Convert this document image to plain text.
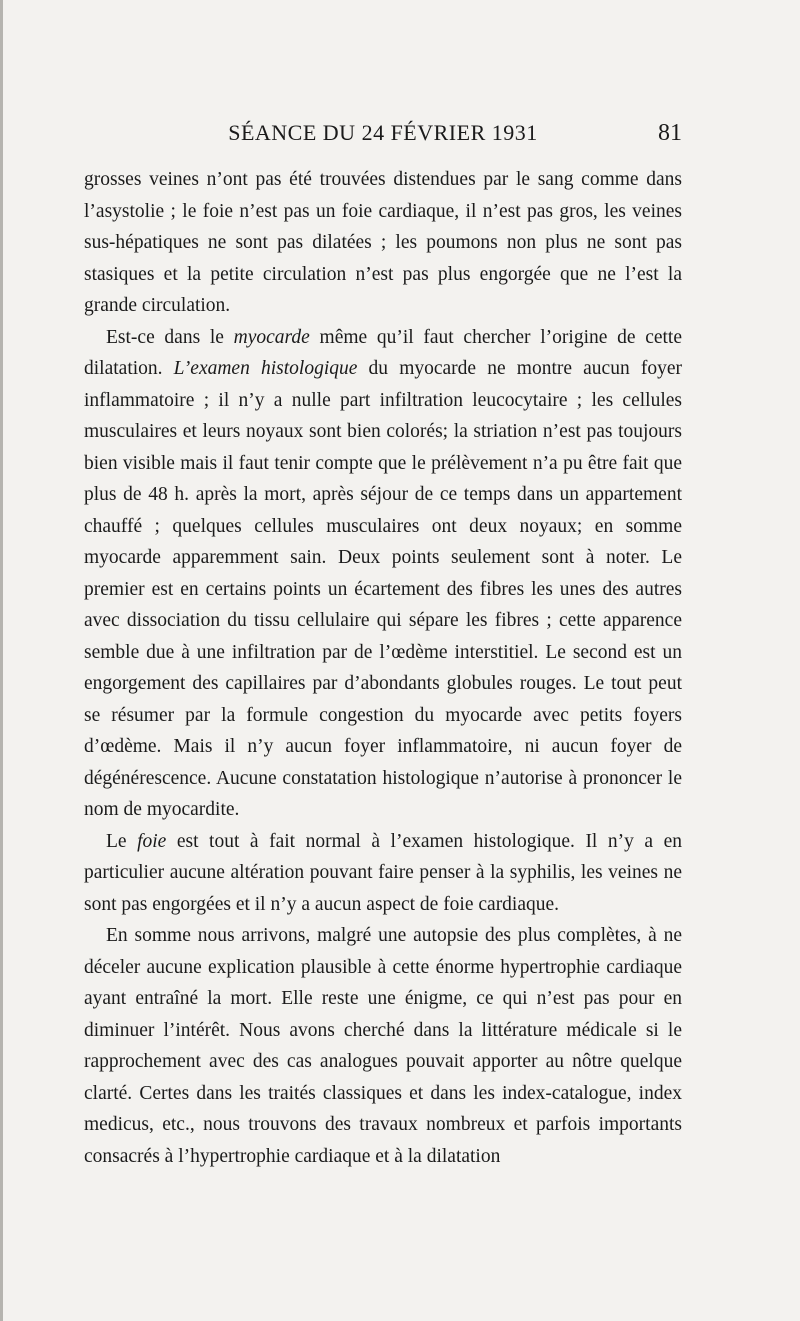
SÉANCE DU 24 FÉVRIER 1931	81

grosses veines n’ont pas été trouvées distendues par le sang comme dans l’asystolie ; le foie n’est pas un foie cardiaque, il n’est pas gros, les veines sus-hépatiques ne sont pas dilatées ; les poumons non plus ne sont pas stasiques et la petite circulation n’est pas plus engorgée que ne l’est la grande circulation.

Est-ce dans le myocarde même qu’il faut chercher l’origine de cette dilatation. L’examen histologique du myocarde ne montre aucun foyer inflammatoire ; il n’y a nulle part infiltration leucocytaire ; les cellules musculaires et leurs noyaux sont bien colorés; la striation n’est pas toujours bien visible mais il faut tenir compte que le prélèvement n’a pu être fait que plus de 48 h. après la mort, après séjour de ce temps dans un appartement chauffé ; quelques cellules musculaires ont deux noyaux; en somme myocarde apparemment sain. Deux points seulement sont à noter. Le premier est en certains points un écartement des fibres les unes des autres avec dissociation du tissu cellulaire qui sépare les fibres ; cette apparence semble due à une infiltration par de l’œdème interstitiel. Le second est un engorgement des capillaires par d’abondants globules rouges. Le tout peut se résumer par la formule congestion du myocarde avec petits foyers d’œdème. Mais il n’y aucun foyer inflammatoire, ni aucun foyer de dégénérescence. Aucune constatation histologique n’autorise à prononcer le nom de myocardite.

Le foie est tout à fait normal à l’examen histologique. Il n’y a en particulier aucune altération pouvant faire penser à la syphilis, les veines ne sont pas engorgées et il n’y a aucun aspect de foie cardiaque.

En somme nous arrivons, malgré une autopsie des plus complètes, à ne déceler aucune explication plausible à cette énorme hypertrophie cardiaque ayant entraîné la mort. Elle reste une énigme, ce qui n’est pas pour en diminuer l’intérêt. Nous avons cherché dans la littérature médicale si le rapprochement avec des cas analogues pouvait apporter au nôtre quelque clarté. Certes dans les traités classiques et dans les index-catalogue, index medicus, etc., nous trouvons des travaux nombreux et parfois importants consacrés à l’hypertrophie cardiaque et à la dilatation
